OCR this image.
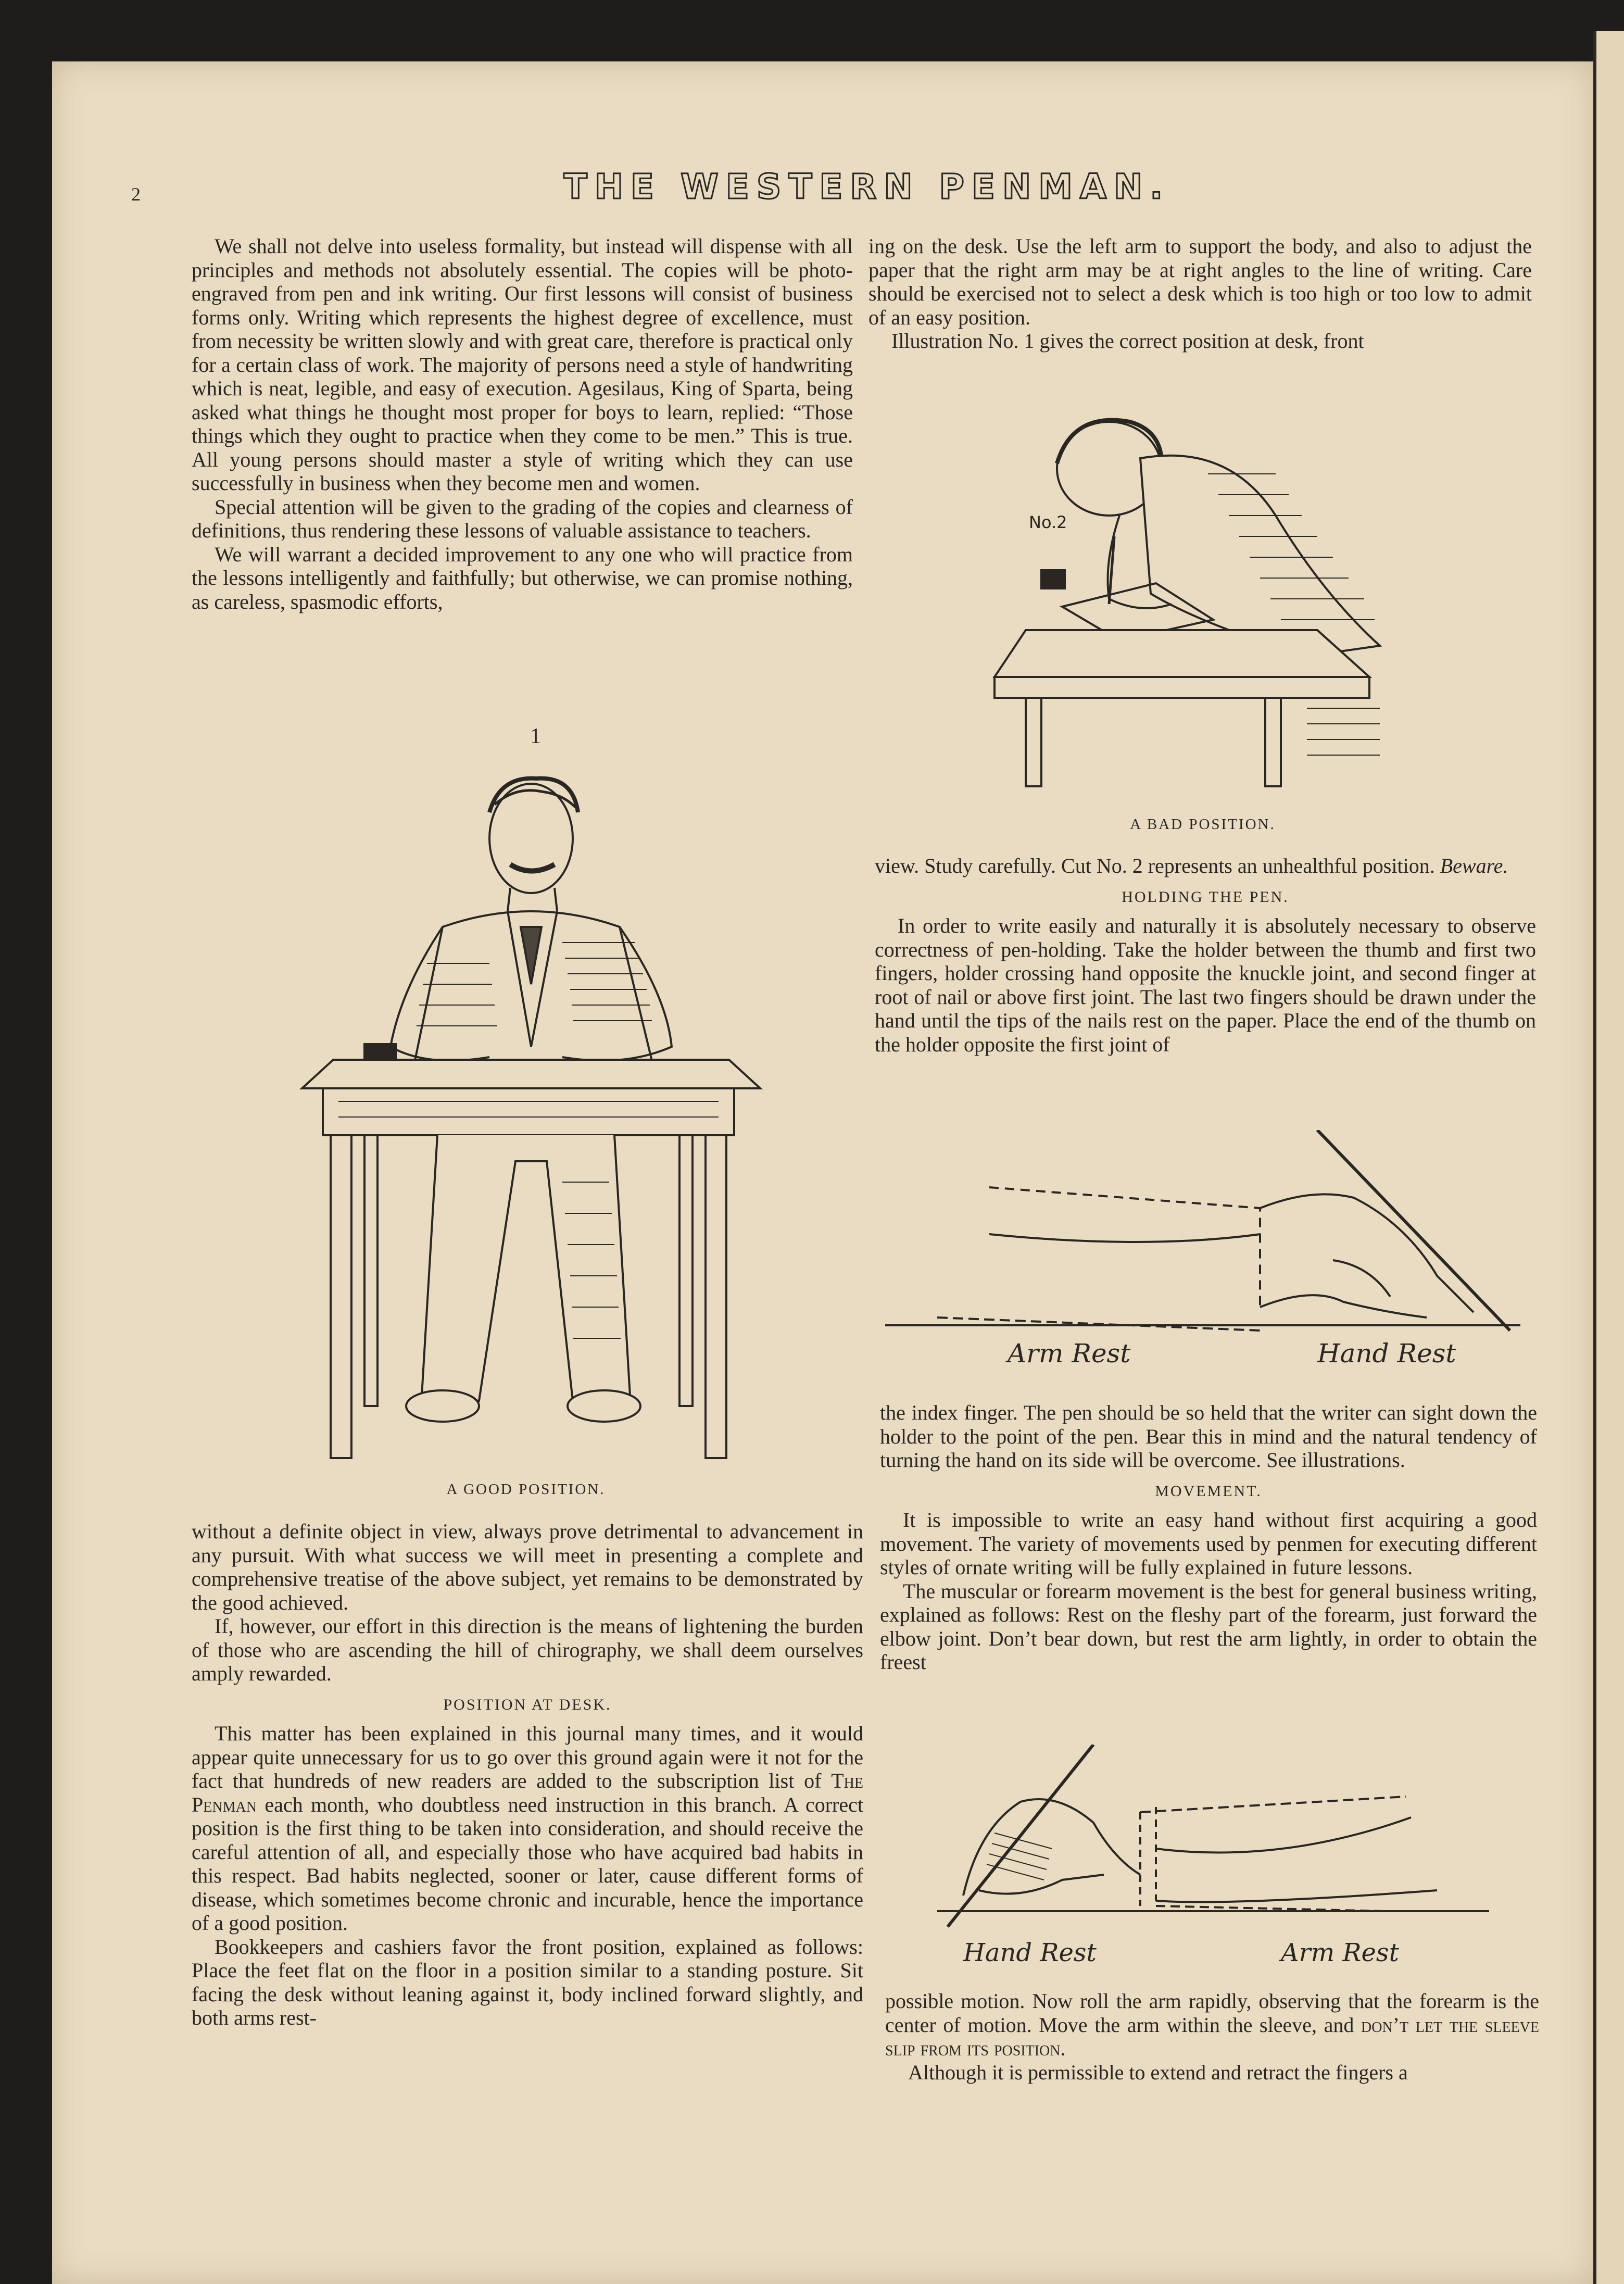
2	THE WESTERN PENMAN.

We shall not delve into useless formality, but instead will dispense with all principles and methods not absolutely essential. The copies will be photo-engraved from pen and ink writing. Our first lessons will consist of business forms only. Writing which represents the highest degree of excellence, must from necessity be written slowly and with great care, therefore is practical only for a certain class of work. The majority of persons need a style of handwriting which is neat, legible, and easy of execution. Agesilaus, King of Sparta, being asked what things he thought most proper for boys to learn, replied: “Those things which they ought to practice when they come to be men.” This is true. All young persons should master a style of writing which they can use successfully in business when they become men and women.

Special attention will be given to the grading of the copies and clearness of definitions, thus rendering these lessons of valuable assistance to teachers.

We will warrant a decided improvement to any one who will practice from the lessons intelligently and faithfully; but otherwise, we can promise nothing, as careless, spasmodic efforts,

1
A GOOD POSITION.

without a definite object in view, always prove detrimental to advancement in any pursuit. With what success we will meet in presenting a complete and comprehensive treatise of the above subject, yet remains to be demonstrated by the good achieved.

If, however, our effort in this direction is the means of lightening the burden of those who are ascending the hill of chirography, we shall deem ourselves amply rewarded.

POSITION AT DESK.

This matter has been explained in this journal many times, and it would appear quite unnecessary for us to go over this ground again were it not for the fact that hundreds of new readers are added to the subscription list of The Penman each month, who doubtless need instruction in this branch. A correct position is the first thing to be taken into consideration, and should receive the careful attention of all, and especially those who have acquired bad habits in this respect. Bad habits neglected, sooner or later, cause different forms of disease, which sometimes become chronic and incurable, hence the importance of a good position.

Bookkeepers and cashiers favor the front position, explained as follows: Place the feet flat on the floor in a position similar to a standing posture. Sit facing the desk without leaning against it, body inclined forward slightly, and both arms rest-

ing on the desk. Use the left arm to support the body, and also to adjust the paper that the right arm may be at right angles to the line of writing. Care should be exercised not to select a desk which is too high or too low to admit of an easy position.

Illustration No. 1 gives the correct position at desk, front

No.2
A BAD POSITION.

view. Study carefully. Cut No. 2 represents an unhealthful position. Beware.

HOLDING THE PEN.

In order to write easily and naturally it is absolutely necessary to observe correctness of pen-holding. Take the holder between the thumb and first two fingers, holder crossing hand opposite the knuckle joint, and second finger at root of nail or above first joint. The last two fingers should be drawn under the hand until the tips of the nails rest on the paper. Place the end of the thumb on the holder opposite the first joint of

Arm Rest	Hand Rest

the index finger. The pen should be so held that the writer can sight down the holder to the point of the pen. Bear this in mind and the natural tendency of turning the hand on its side will be overcome. See illustrations.

MOVEMENT.

It is impossible to write an easy hand without first acquiring a good movement. The variety of movements used by penmen for executing different styles of ornate writing will be fully explained in future lessons.

The muscular or forearm movement is the best for general business writing, explained as follows: Rest on the fleshy part of the forearm, just forward the elbow joint. Don’t bear down, but rest the arm lightly, in order to obtain the freest

Hand Rest	Arm Rest

possible motion. Now roll the arm rapidly, observing that the forearm is the center of motion. Move the arm within the sleeve, and don’t let the sleeve slip from its position.

Although it is permissible to extend and retract the fingers a
